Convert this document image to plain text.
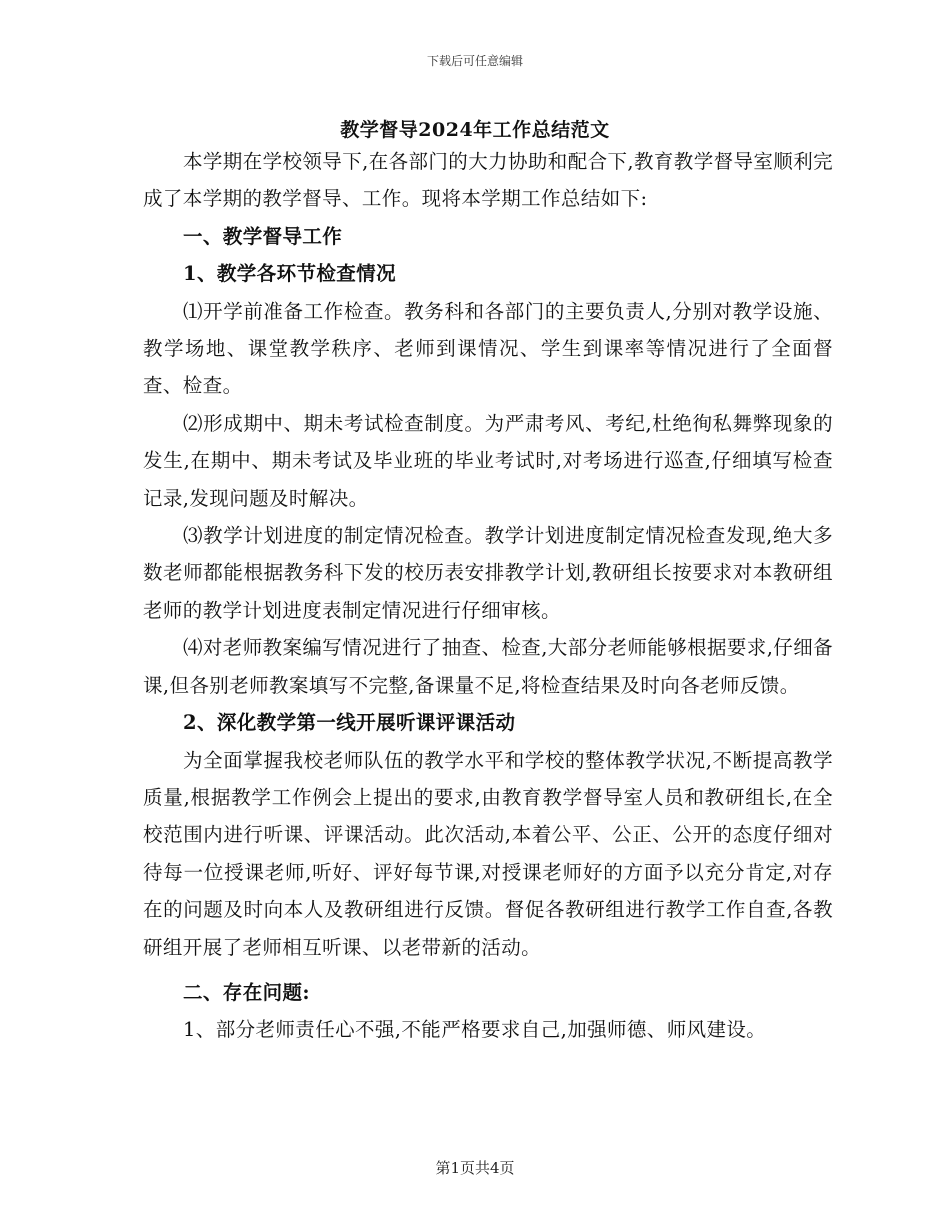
下载后可任意编辑
教学督导2024年工作总结范文

本学期在学校领导下,在各部门的大力协助和配合下,教育教学督导室顺利完成了本学期的教学督导、工作。现将本学期工作总结如下:

一、教学督导工作

1、教学各环节检查情况

⑴开学前准备工作检查。教务科和各部门的主要负责人,分别对教学设施、教学场地、课堂教学秩序、老师到课情况、学生到课率等情况进行了全面督查、检查。

⑵形成期中、期未考试检查制度。为严肃考风、考纪,杜绝徇私舞弊现象的发生,在期中、期未考试及毕业班的毕业考试时,对考场进行巡查,仔细填写检查记录,发现问题及时解决。

⑶教学计划进度的制定情况检查。教学计划进度制定情况检查发现,绝大多数老师都能根据教务科下发的校历表安排教学计划,教研组长按要求对本教研组老师的教学计划进度表制定情况进行仔细审核。

⑷对老师教案编写情况进行了抽查、检查,大部分老师能够根据要求,仔细备课,但各别老师教案填写不完整,备课量不足,将检查结果及时向各老师反馈。

2、深化教学第一线开展听课评课活动

为全面掌握我校老师队伍的教学水平和学校的整体教学状况,不断提高教学质量,根据教学工作例会上提出的要求,由教育教学督导室人员和教研组长,在全校范围内进行听课、评课活动。此次活动,本着公平、公正、公开的态度仔细对待每一位授课老师,听好、评好每节课,对授课老师好的方面予以充分肯定,对存在的问题及时向本人及教研组进行反馈。督促各教研组进行教学工作自查,各教研组开展了老师相互听课、以老带新的活动。

二、存在问题:

1、部分老师责任心不强,不能严格要求自己,加强师德、师风建设。

第1页共4页
